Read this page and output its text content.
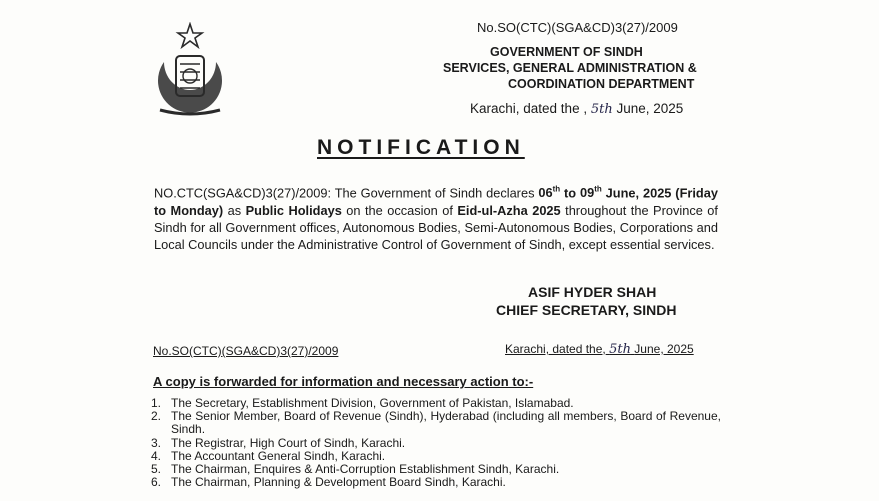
No.SO(CTC)(SGA&CD)3(27)/2009
GOVERNMENT OF SINDH
SERVICES, GENERAL ADMINISTRATION &
COORDINATION DEPARTMENT
Karachi, dated the , 5th June, 2025
NOTIFICATION
NO.CTC(SGA&CD)3(27)/2009: The Government of Sindh declares 06th to 09th June, 2025 (Friday to Monday) as Public Holidays on the occasion of Eid-ul-Azha 2025 throughout the Province of Sindh for all Government offices, Autonomous Bodies, Semi-Autonomous Bodies, Corporations and Local Councils under the Administrative Control of Government of Sindh, except essential services.
ASIF HYDER SHAH
CHIEF SECRETARY, SINDH
No.SO(CTC)(SGA&CD)3(27)/2009	Karachi, dated the, 5th June, 2025
A copy is forwarded for information and necessary action to:-
1. The Secretary, Establishment Division, Government of Pakistan, Islamabad.
2. The Senior Member, Board of Revenue (Sindh), Hyderabad (including all members, Board of Revenue, Sindh.
3. The Registrar, High Court of Sindh, Karachi.
4. The Accountant General Sindh, Karachi.
5. The Chairman, Enquires & Anti-Corruption Establishment Sindh, Karachi.
6. The Chairman, Planning & Development Board Sindh, Karachi.
